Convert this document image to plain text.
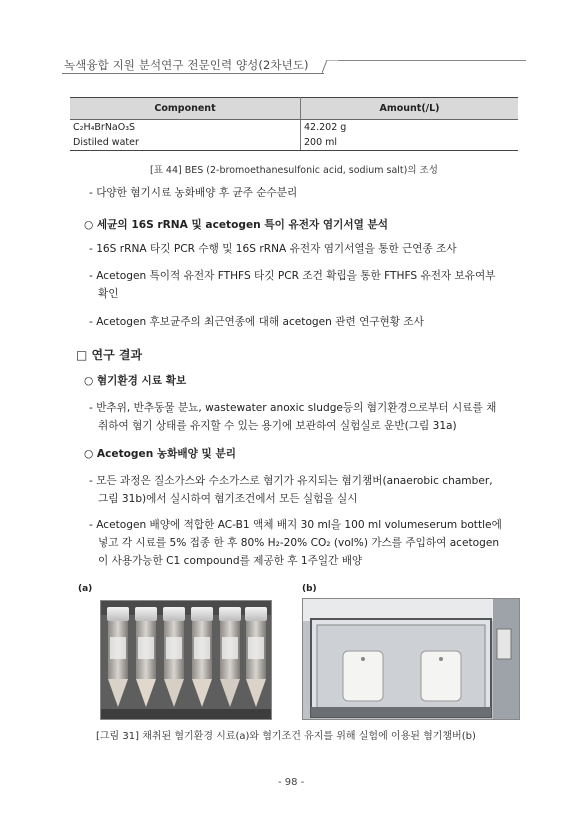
녹색융합 지원 분석연구 전문인력 양성(2차년도)
Component	Amount(/L)
C₂H₄BrNaO₃S	42.202 g
Distiled water	200 ml
[표 44] BES (2-bromoethanesulfonic acid, sodium salt)의 조성
- 다양한 혐기시료 농화배양 후 균주 순수분리
○ 세균의 16S rRNA 및 acetogen 특이 유전자 염기서열 분석
- 16S rRNA 타깃 PCR 수행 및 16S rRNA 유전자 염기서열을 통한 근연종 조사
- Acetogen 특이적 유전자 FTHFS 타깃 PCR 조건 확립을 통한 FTHFS 유전자 보유여부
확인
- Acetogen 후보균주의 최근연종에 대해 acetogen 관련 연구현황 조사
□ 연구 결과
○ 혐기환경 시료 확보
- 반추위, 반추동물 분뇨, wastewater anoxic sludge등의 혐기환경으로부터 시료를 채
취하여 혐기 상태를 유지할 수 있는 용기에 보관하여 실험실로 운반(그림 31a)
○ Acetogen 농화배양 및 분리
- 모든 과정은 질소가스와 수소가스로 혐기가 유지되는 혐기챔버(anaerobic chamber,
그림 31b)에서 실시하여 혐기조건에서 모든 실험을 실시
- Acetogen 배양에 적합한 AC-B1 액체 배지 30 ml을 100 ml volumeserum bottle에
넣고 각 시료를 5% 접종 한 후 80% H₂-20% CO₂ (vol%) 가스를 주입하여 acetogen
이 사용가능한 C1 compound를 제공한 후 1주일간 배양
(a)	(b)
[그림 31] 채취된 혐기환경 시료(a)와 혐기조건 유지를 위해 실험에 이용된 혐기챔버(b)
- 98 -
